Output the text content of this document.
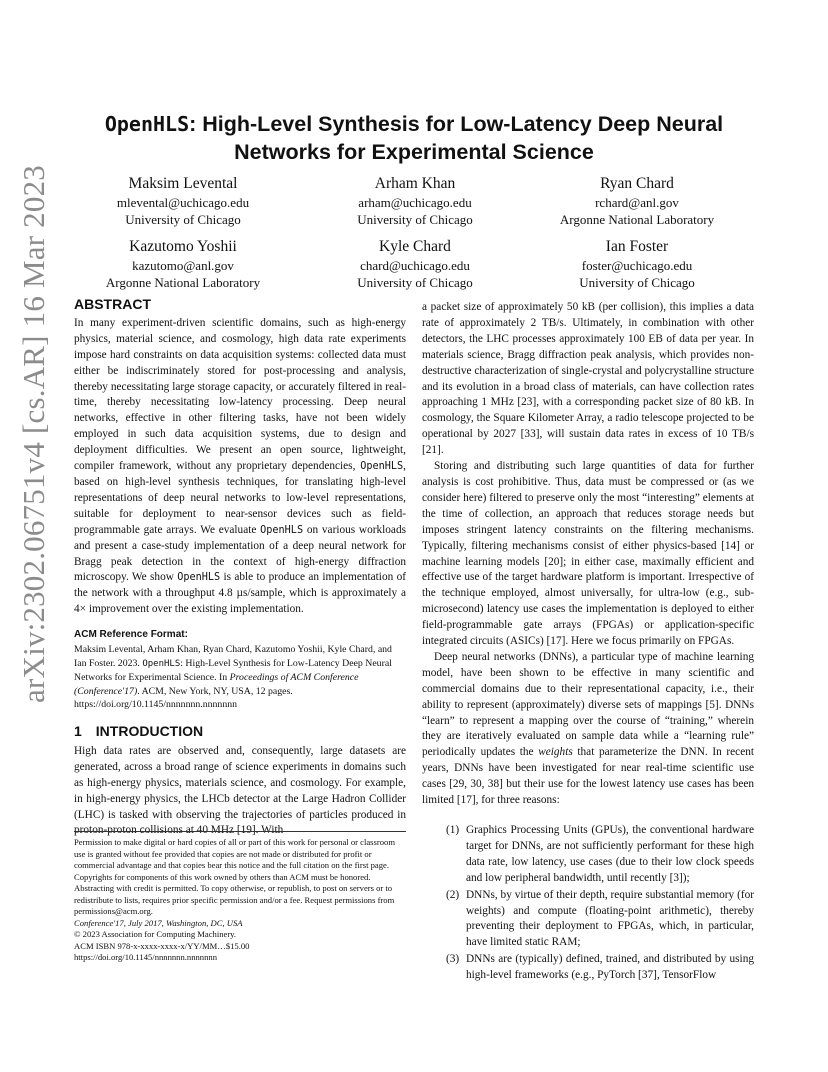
arXiv:2302.06751v4 [cs.AR] 16 Mar 2023
OpenHLS: High-Level Synthesis for Low-Latency Deep Neural
Networks for Experimental Science
Maksim Levental
mlevental@uchicago.edu
University of Chicago
Arham Khan
arham@uchicago.edu
University of Chicago
Ryan Chard
rchard@anl.gov
Argonne National Laboratory
Kazutomo Yoshii
kazutomo@anl.gov
Argonne National Laboratory
Kyle Chard
chard@uchicago.edu
University of Chicago
Ian Foster
foster@uchicago.edu
University of Chicago
ABSTRACT

In many experiment-driven scientific domains, such as high-energy physics, material science, and cosmology, high data rate experiments impose hard constraints on data acquisition systems: collected data must either be indiscriminately stored for post-processing and analysis, thereby necessitating large storage capacity, or accurately filtered in real-time, thereby necessitating low-latency processing. Deep neural networks, effective in other filtering tasks, have not been widely employed in such data acquisition systems, due to design and deployment difficulties. We present an open source, lightweight, compiler framework, without any proprietary dependencies, OpenHLS, based on high-level synthesis techniques, for translating high-level representations of deep neural networks to low-level representations, suitable for deployment to near-sensor devices such as field-programmable gate arrays. We evaluate OpenHLS on various workloads and present a case-study implementation of a deep neural network for Bragg peak detection in the context of high-energy diffraction microscopy. We show OpenHLS is able to produce an implementation of the network with a throughput 4.8 µs/sample, which is approximately a 4× improvement over the existing implementation.

ACM Reference Format:

Maksim Levental, Arham Khan, Ryan Chard, Kazutomo Yoshii, Kyle Chard, and Ian Foster. 2023. OpenHLS: High-Level Synthesis for Low-Latency Deep Neural Networks for Experimental Science. In Proceedings of ACM Conference (Conference'17). ACM, New York, NY, USA, 12 pages. https://doi.org/10.1145/nnnnnnn.nnnnnnn

1 INTRODUCTION

High data rates are observed and, consequently, large datasets are generated, across a broad range of science experiments in domains such as high-energy physics, materials science, and cosmology. For example, in high-energy physics, the LHCb detector at the Large Hadron Collider (LHC) is tasked with observing the trajectories of particles produced in proton-proton collisions at 40 MHz [19]. With

Permission to make digital or hard copies of all or part of this work for personal or classroom use is granted without fee provided that copies are not made or distributed for profit or commercial advantage and that copies bear this notice and the full citation on the first page. Copyrights for components of this work owned by others than ACM must be honored. Abstracting with credit is permitted. To copy otherwise, or republish, to post on servers or to redistribute to lists, requires prior specific permission and/or a fee. Request permissions from permissions@acm.org.

Conference'17, July 2017, Washington, DC, USA

© 2023 Association for Computing Machinery.

ACM ISBN 978-x-xxxx-xxxx-x/YY/MM…$15.00

https://doi.org/10.1145/nnnnnnn.nnnnnnn

a packet size of approximately 50 kB (per collision), this implies a data rate of approximately 2 TB/s. Ultimately, in combination with other detectors, the LHC processes approximately 100 EB of data per year. In materials science, Bragg diffraction peak analysis, which provides non-destructive characterization of single-crystal and polycrystalline structure and its evolution in a broad class of materials, can have collection rates approaching 1 MHz [23], with a corresponding packet size of 80 kB. In cosmology, the Square Kilometer Array, a radio telescope projected to be operational by 2027 [33], will sustain data rates in excess of 10 TB/s [21].

Storing and distributing such large quantities of data for further analysis is cost prohibitive. Thus, data must be compressed or (as we consider here) filtered to preserve only the most “interesting” elements at the time of collection, an approach that reduces storage needs but imposes stringent latency constraints on the filtering mechanisms. Typically, filtering mechanisms consist of either physics-based [14] or machine learning models [20]; in either case, maximally efficient and effective use of the target hardware platform is important. Irrespective of the technique employed, almost universally, for ultra-low (e.g., sub-microsecond) latency use cases the implementation is deployed to either field-programmable gate arrays (FPGAs) or application-specific integrated circuits (ASICs) [17]. Here we focus primarily on FPGAs.

Deep neural networks (DNNs), a particular type of machine learning model, have been shown to be effective in many scientific and commercial domains due to their representational capacity, i.e., their ability to represent (approximately) diverse sets of mappings [5]. DNNs “learn” to represent a mapping over the course of “training,” wherein they are iteratively evaluated on sample data while a “learning rule” periodically updates the weights that parameterize the DNN. In recent years, DNNs have been investigated for near real-time scientific use cases [29, 30, 38] but their use for the lowest latency use cases has been limited [17], for three reasons:

(1) Graphics Processing Units (GPUs), the conventional hardware target for DNNs, are not sufficiently performant for these high data rate, low latency, use cases (due to their low clock speeds and low peripheral bandwidth, until recently [3]);
(2) DNNs, by virtue of their depth, require substantial memory (for weights) and compute (floating-point arithmetic), thereby preventing their deployment to FPGAs, which, in particular, have limited static RAM;
(3) DNNs are (typically) defined, trained, and distributed by using high-level frameworks (e.g., PyTorch [37], TensorFlow
